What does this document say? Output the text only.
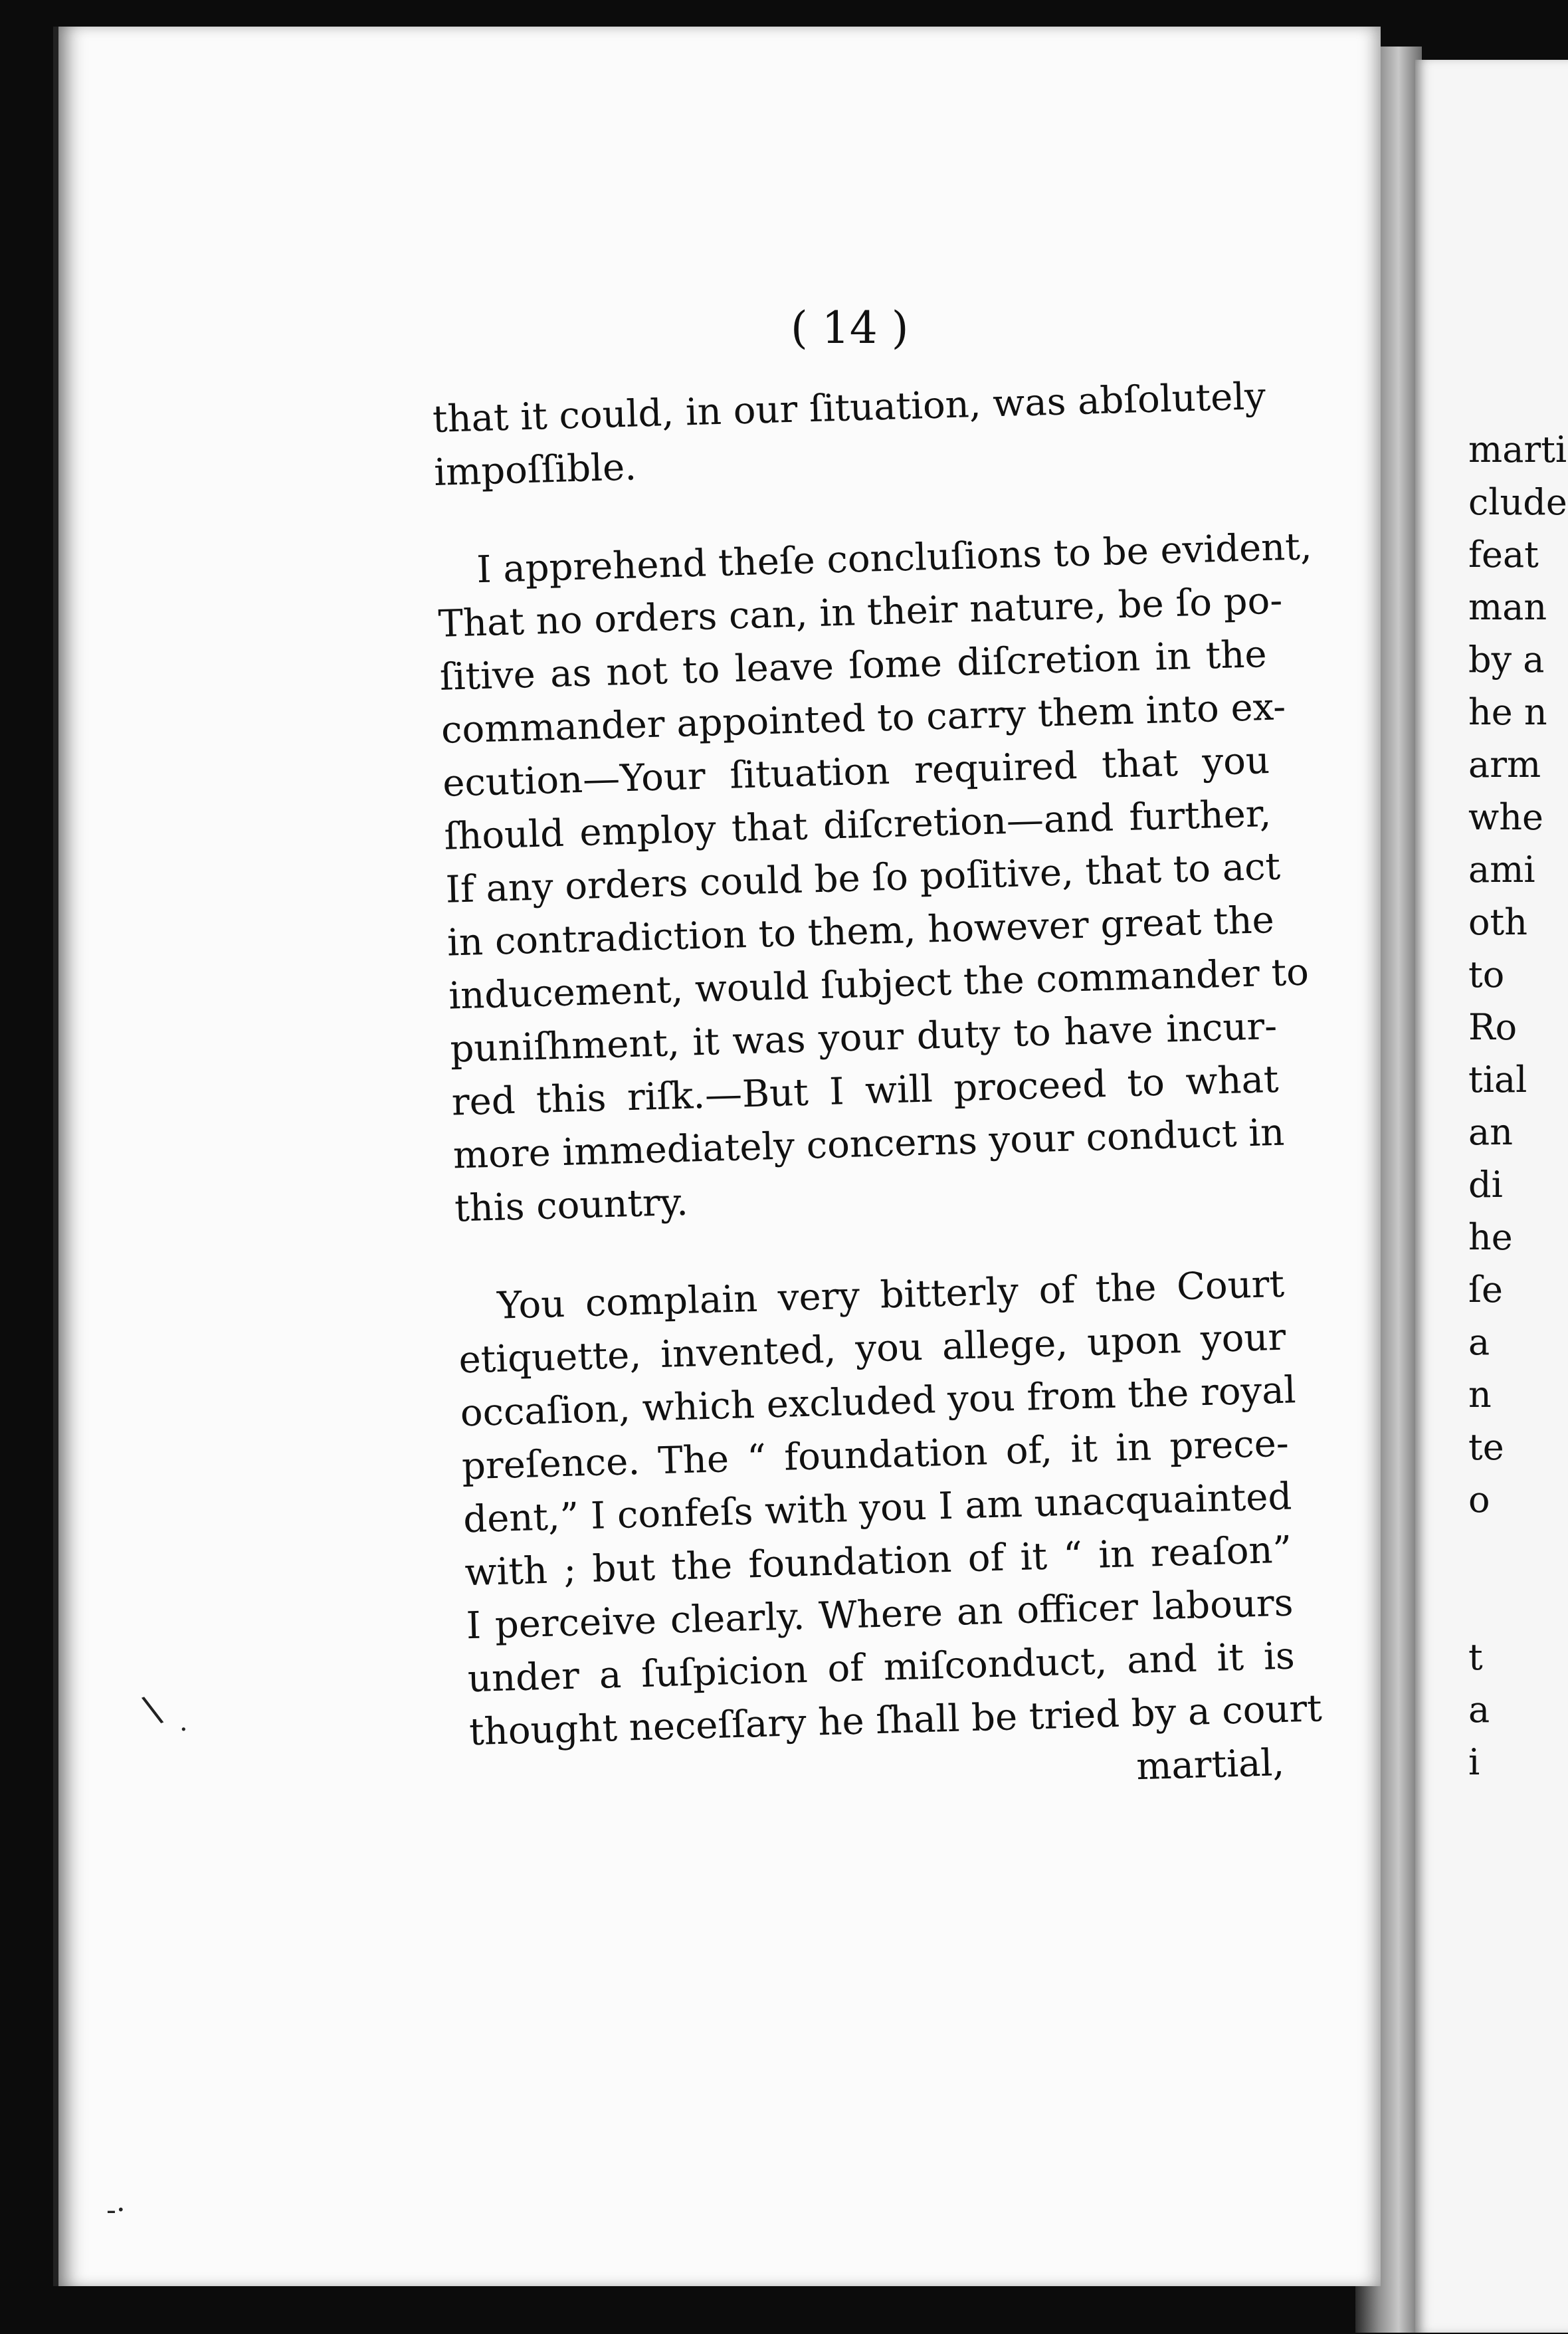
marti
clude
feat
man
by a
he n
arm
whe
ami
oth
to
Ro
tial
an
di
he
ſe
a
n
te
o
t
a
i

( 14 )
that it could, in our ſituation, was abſolutely
impoſſible.
I apprehend theſe concluſions to be evident,
That no orders can, in their nature, be ſo po-
ſitive as not to leave ſome diſcretion in the
commander appointed to carry them into ex-
ecution—Your ſituation required that you
ſhould employ that diſcretion—and further,
If any orders could be ſo poſitive, that to act
in contradiction to them, however great the
inducement, would ſubject the commander to
puniſhment, it was your duty to have incur-
red this riſk.—But I will proceed to what
more immediately concerns your conduct in
this country.
You complain very bitterly of the Court
etiquette, invented, you allege, upon your
occaſion, which excluded you from the royal
preſence. The “ foundation of, it in prece-
dent,” I confeſs with you I am unacquainted
with ; but the foundation of it “ in reaſon”
I perceive clearly. Where an officer labours
under a ſuſpicion of miſconduct, and it is
thought neceſſary he ſhall be tried by a court
martial,
\ ·
-·
